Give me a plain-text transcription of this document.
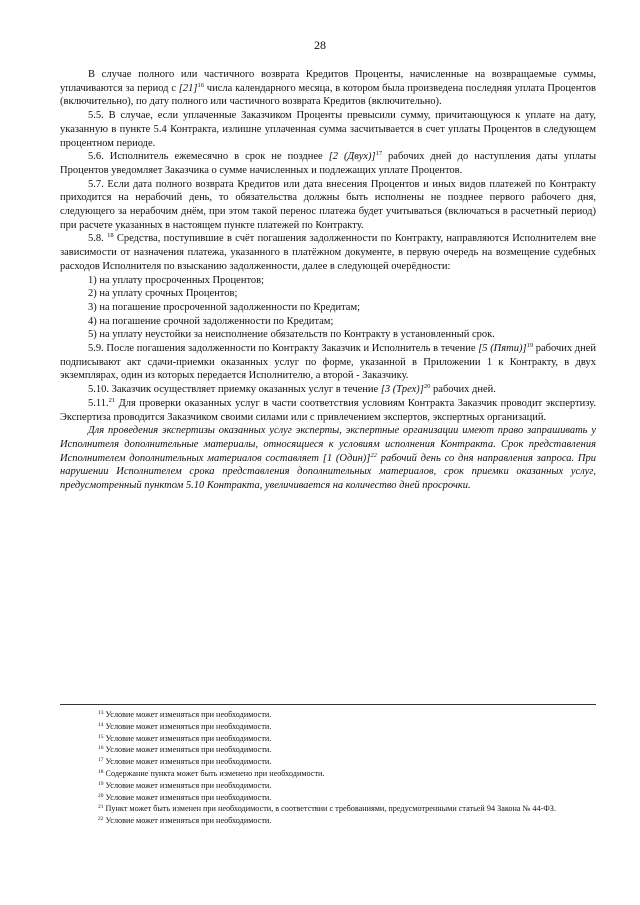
28

В случае полного или частичного возврата Кредитов Проценты, начисленные на возвращаемые суммы, уплачиваются за период с $[21]^{16}$ числа календарного месяца, в котором была произведена последняя уплата Процентов (включительно), по дату полного или частичного возврата Кредитов (включительно).

5.5. В случае, если уплаченные Заказчиком Проценты превысили сумму, причитающуюся к уплате на дату, указанную в пункте 5.4 Контракта, излишне уплаченная сумма засчитывается в счет уплаты Процентов в следующем процентном периоде.

5.6. Исполнитель ежемесячно в срок не позднее [2 (Двух)]$^{17}$ рабочих дней до наступления даты уплаты Процентов уведомляет Заказчика о сумме начисленных и подлежащих уплате Процентов.

5.7. Если дата полного возврата Кредитов или дата внесения Процентов и иных видов платежей по Контракту приходится на нерабочий день, то обязательства должны быть исполнены не позднее первого рабочего дня, следующего за нерабочим днём, при этом такой перенос платежа будет учитываться (включаться в расчетный период) при расчете указанных в настоящем пункте платежей по Контракту.

5.8. $^{18}$ Средства, поступившие в счёт погашения задолженности по Контракту, направляются Исполнителем вне зависимости от назначения платежа, указанного в платёжном документе, в первую очередь на возмещение судебных расходов Исполнителя по взысканию задолженности, далее в следующей очерёдности:

1) на уплату просроченных Процентов;

2) на уплату срочных Процентов;

3) на погашение просроченной задолженности по Кредитам;

4) на погашение срочной задолженности по Кредитам;

5) на уплату неустойки за неисполнение обязательств по Контракту в установленный срок.

5.9. После погашения задолженности по Контракту Заказчик и Исполнитель в течение [5 (Пяти)]$^{19}$ рабочих дней подписывают акт сдачи-приемки оказанных услуг по форме, указанной в Приложении 1 к Контракту, в двух экземплярах, один из которых передается Исполнителю, а второй - Заказчику.

5.10. Заказчик осуществляет приемку оказанных услуг в течение [3 (Трех)]$^{20}$ рабочих дней.

5.11.21 Для проверки оказанных услуг в части соответствия условиям Контракта Заказчик проводит экспертизу. Экспертиза проводится Заказчиком своими силами или с привлечением экспертов, экспертных организаций.

Для проведения экспертизы оказанных услуг эксперты, экспертные организации имеют право запрашивать у Исполнителя дополнительные материалы, относящиеся к условиям исполнения Контракта. Срок представления Исполнителем дополнительных материалов составляет [1 (Один)]$^{22}$ рабочий день со дня направления запроса. При нарушении Исполнителем срока представления дополнительных материалов, срок приемки оказанных услуг, предусмотренный пунктом 5.10 Контракта, увеличивается на количество дней просрочки.

$^{13}$ Условие может изменяться при необходимости.

$^{14}$ Условие может изменяться при необходимости.

$^{15}$ Условие может изменяться при необходимости.

$^{16}$ Условие может изменяться при необходимости.

$^{17}$ Условие может изменяться при необходимости.

$^{18}$ Содержание пункта может быть изменено при необходимости.

$^{19}$ Условие может изменяться при необходимости.

$^{20}$ Условие может изменяться при необходимости.

$^{21}$ Пункт может быть изменен при необходимости, в соответствии с требованиями, предусмотренными статьей 94 Закона № 44-ФЗ.

$^{22}$ Условие может изменяться при необходимости.
